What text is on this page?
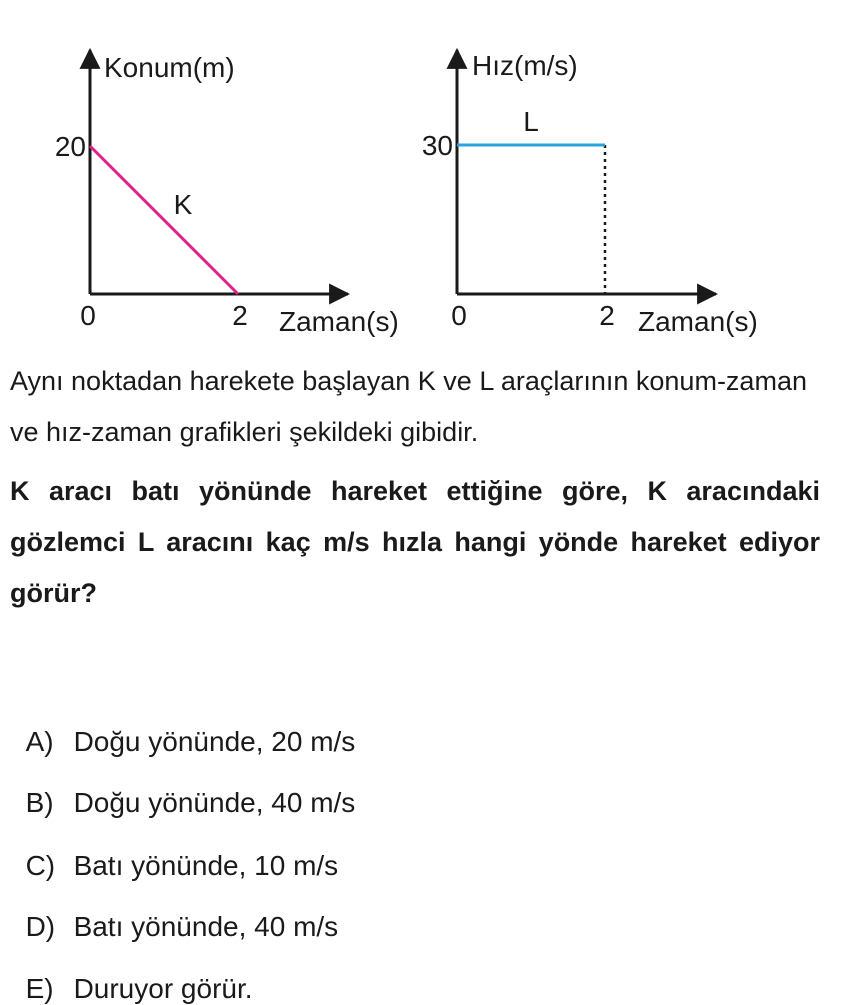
Konum(m)
Zaman(s)
0	2
20
K
Hız(m/s)
Zaman(s)
0	2
30
L

Aynı noktadan harekete başlayan K ve L araçlarının konum-zaman ve hız-zaman grafikleri şekildeki gibidir.

K aracı batı yönünde hareket ettiğine göre, K aracındaki gözlemci L aracını kaç m/s hızla hangi yönde hareket ediyor görür?

A) Doğu yönünde, 20 m/s

B) Doğu yönünde, 40 m/s

C) Batı yönünde, 10 m/s

D) Batı yönünde, 40 m/s

E) Duruyor görür.
